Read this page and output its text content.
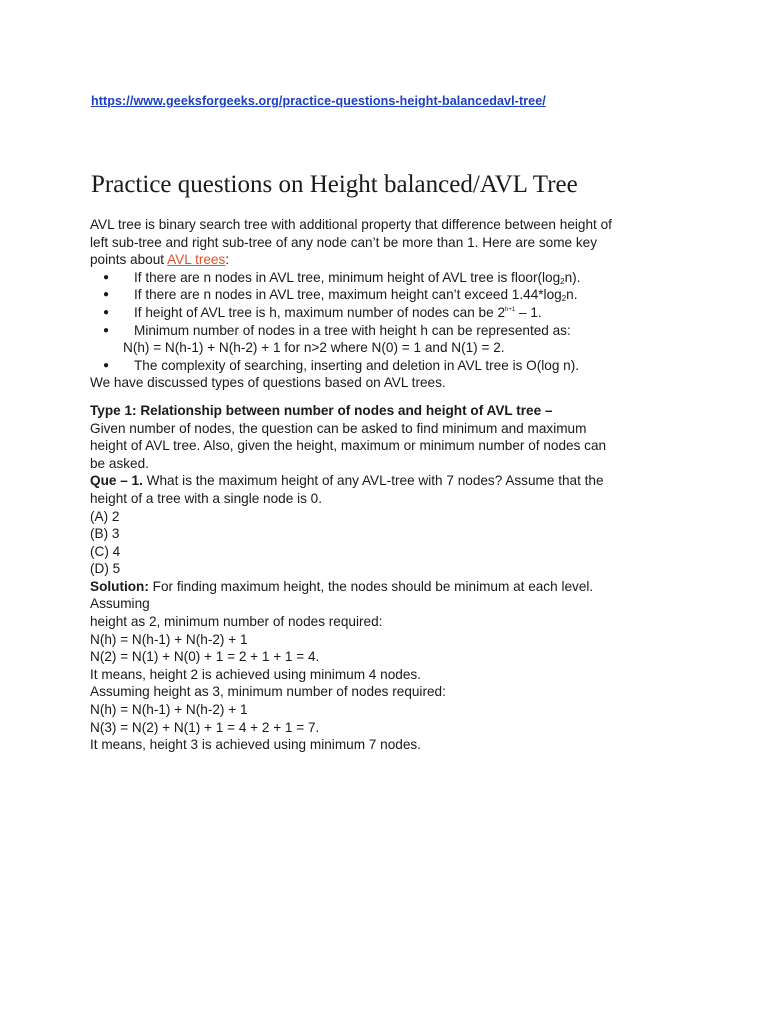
https://www.geeksforgeeks.org/practice-questions-height-balancedavl-tree/
Practice questions on Height balanced/AVL Tree
AVL tree is binary search tree with additional property that difference between height of
left sub-tree and right sub-tree of any node can’t be more than 1. Here are some key
points about AVL trees:
● If there are n nodes in AVL tree, minimum height of AVL tree is $floor(\log_2n)$.
● If there are n nodes in AVL tree, maximum height can’t exceed $1.44*\log_2n$.
● If height of AVL tree is h, maximum number of nodes can be $2^{h+1} - 1$.
● Minimum number of nodes in a tree with height h can be represented as:
N(h) = N(h-1) + N(h-2) + 1 for n>2 where N(0) = 1 and N(1) = 2.
● The complexity of searching, inserting and deletion in AVL tree is O(log n).
We have discussed types of questions based on AVL trees.
Type 1: Relationship between number of nodes and height of AVL tree –
Given number of nodes, the question can be asked to find minimum and maximum
height of AVL tree. Also, given the height, maximum or minimum number of nodes can
be asked.
Que – 1. What is the maximum height of any AVL-tree with 7 nodes? Assume that the
height of a tree with a single node is 0.
(A) 2
(B) 3
(C) 4
(D) 5
Solution: For finding maximum height, the nodes should be minimum at each level.
Assuming
height as 2, minimum number of nodes required:
N(h) = N(h-1) + N(h-2) + 1
N(2) = N(1) + N(0) + 1 = 2 + 1 + 1 = 4.
It means, height 2 is achieved using minimum 4 nodes.
Assuming height as 3, minimum number of nodes required:
N(h) = N(h-1) + N(h-2) + 1
N(3) = N(2) + N(1) + 1 = 4 + 2 + 1 = 7.
It means, height 3 is achieved using minimum 7 nodes.
